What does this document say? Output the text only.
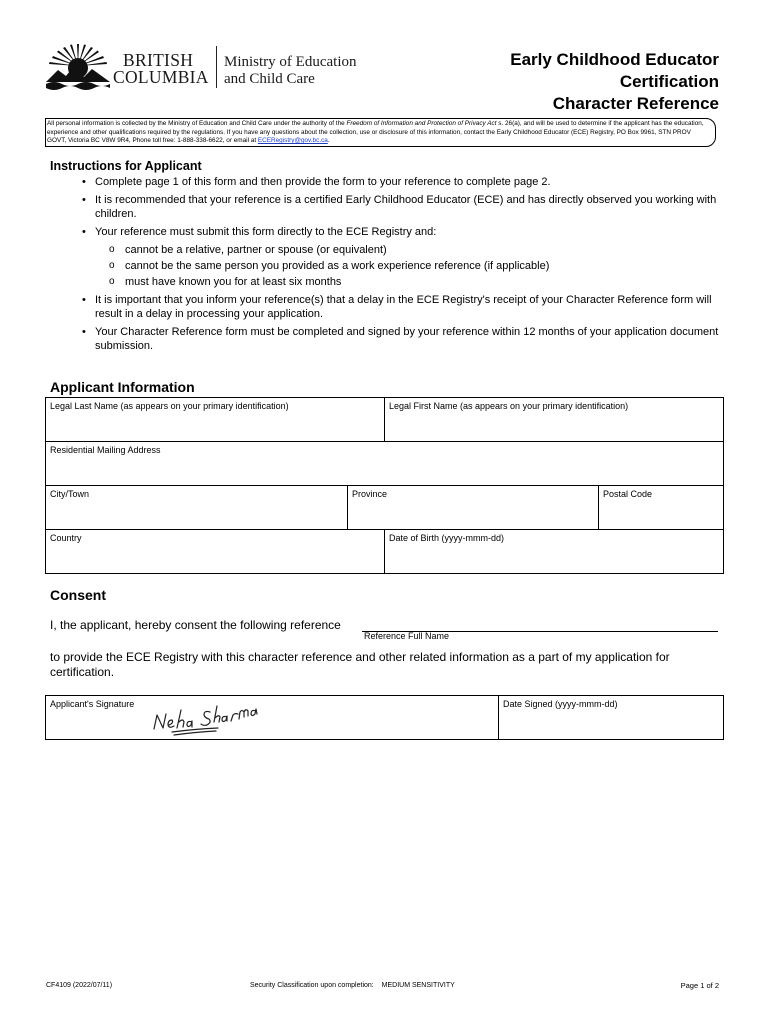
BRITISH
COLUMBIA
Ministry of Education
and Child Care
Early Childhood Educator
Certification
Character Reference
All personal information is collected by the Ministry of Education and Child Care under the authority of the Freedom of Information and Protection of Privacy Act s. 26(a), and will be used to determine if the applicant has the education, experience and other qualifications required by the regulations. If you have any questions about the collection, use or disclosure of this information, contact the Early Childhood Educator (ECE) Registry, PO Box 9961, STN PROV GOVT, Victoria BC V8W 9R4, Phone toll free: 1-888-338-6622, or email at ECERegistry@gov.bc.ca.
Instructions for Applicant
• Complete page 1 of this form and then provide the form to your reference to complete page 2.
• It is recommended that your reference is a certified Early Childhood Educator (ECE) and has directly observed you working with children.
• Your reference must submit this form directly to the ECE Registry and:
o cannot be a relative, partner or spouse (or equivalent)
o cannot be the same person you provided as a work experience reference (if applicable)
o must have known you for at least six months
• It is important that you inform your reference(s) that a delay in the ECE Registry's receipt of your Character Reference form will result in a delay in processing your application.
• Your Character Reference form must be completed and signed by your reference within 12 months of your application document submission.
Applicant Information
Legal Last Name (as appears on your primary identification)	Legal First Name (as appears on your primary identification)
Residential Mailing Address
City/Town	Province	Postal Code
Country	Date of Birth (yyyy-mmm-dd)
Consent
I, the applicant, hereby consent the following reference
Reference Full Name
to provide the ECE Registry with this character reference and other related information as a part of my application for certification.
Applicant's Signature	Date Signed (yyyy-mmm-dd)
CF4109 (2022/07/11)	Security Classification upon completion: MEDIUM SENSITIVITY	Page 1 of 2
